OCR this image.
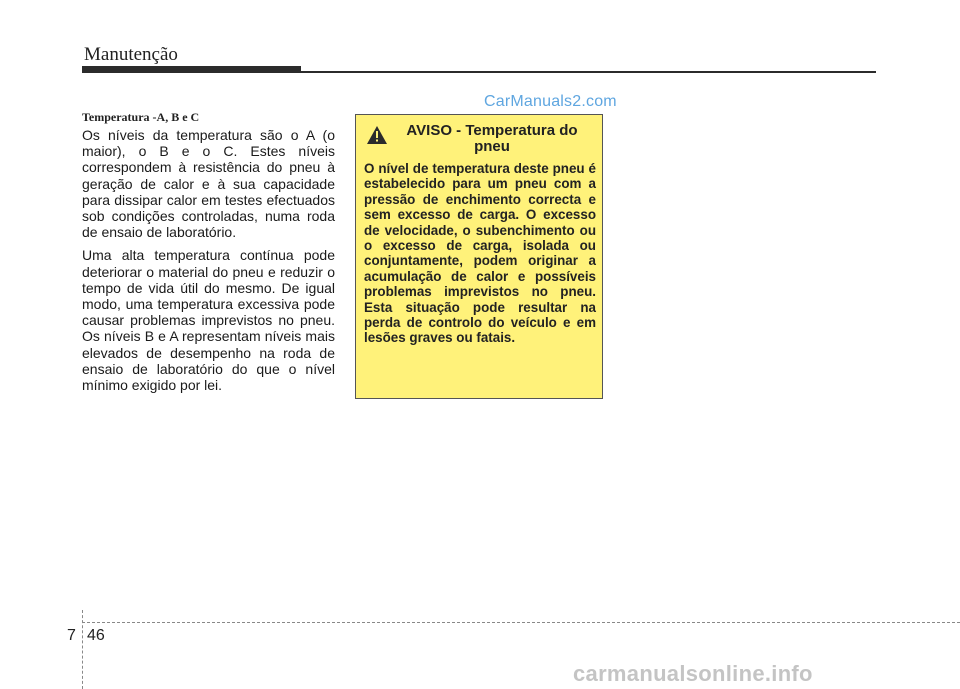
Manutenção
CarManuals2.com
Temperatura -A, B e C

Os níveis da temperatura são o A (o maior), o B e o C. Estes níveis correspondem à resistência do pneu à geração de calor e à sua capacidade para dissipar calor em testes efectuados sob condições controladas, numa roda de ensaio de laboratório.

Uma alta temperatura contínua pode deteriorar o material do pneu e reduzir o tempo de vida útil do mesmo. De igual modo, uma temperatura excessiva pode causar problemas imprevistos no pneu. Os níveis B e A representam níveis mais elevados de desempenho na roda de ensaio de laboratório do que o nível mínimo exigido por lei.

AVISO - Temperatura do pneu
O nível de temperatura deste pneu é estabelecido para um pneu com a pressão de enchimento correcta e sem excesso de carga. O excesso de velocidade, o subenchimento ou o excesso de carga, isolada ou conjuntamente, podem originar a acumulação de calor e possíveis problemas imprevistos no pneu. Esta situação pode resultar na perda de controlo do veículo e em lesões graves ou fatais.
7 46
carmanualsonline.info
